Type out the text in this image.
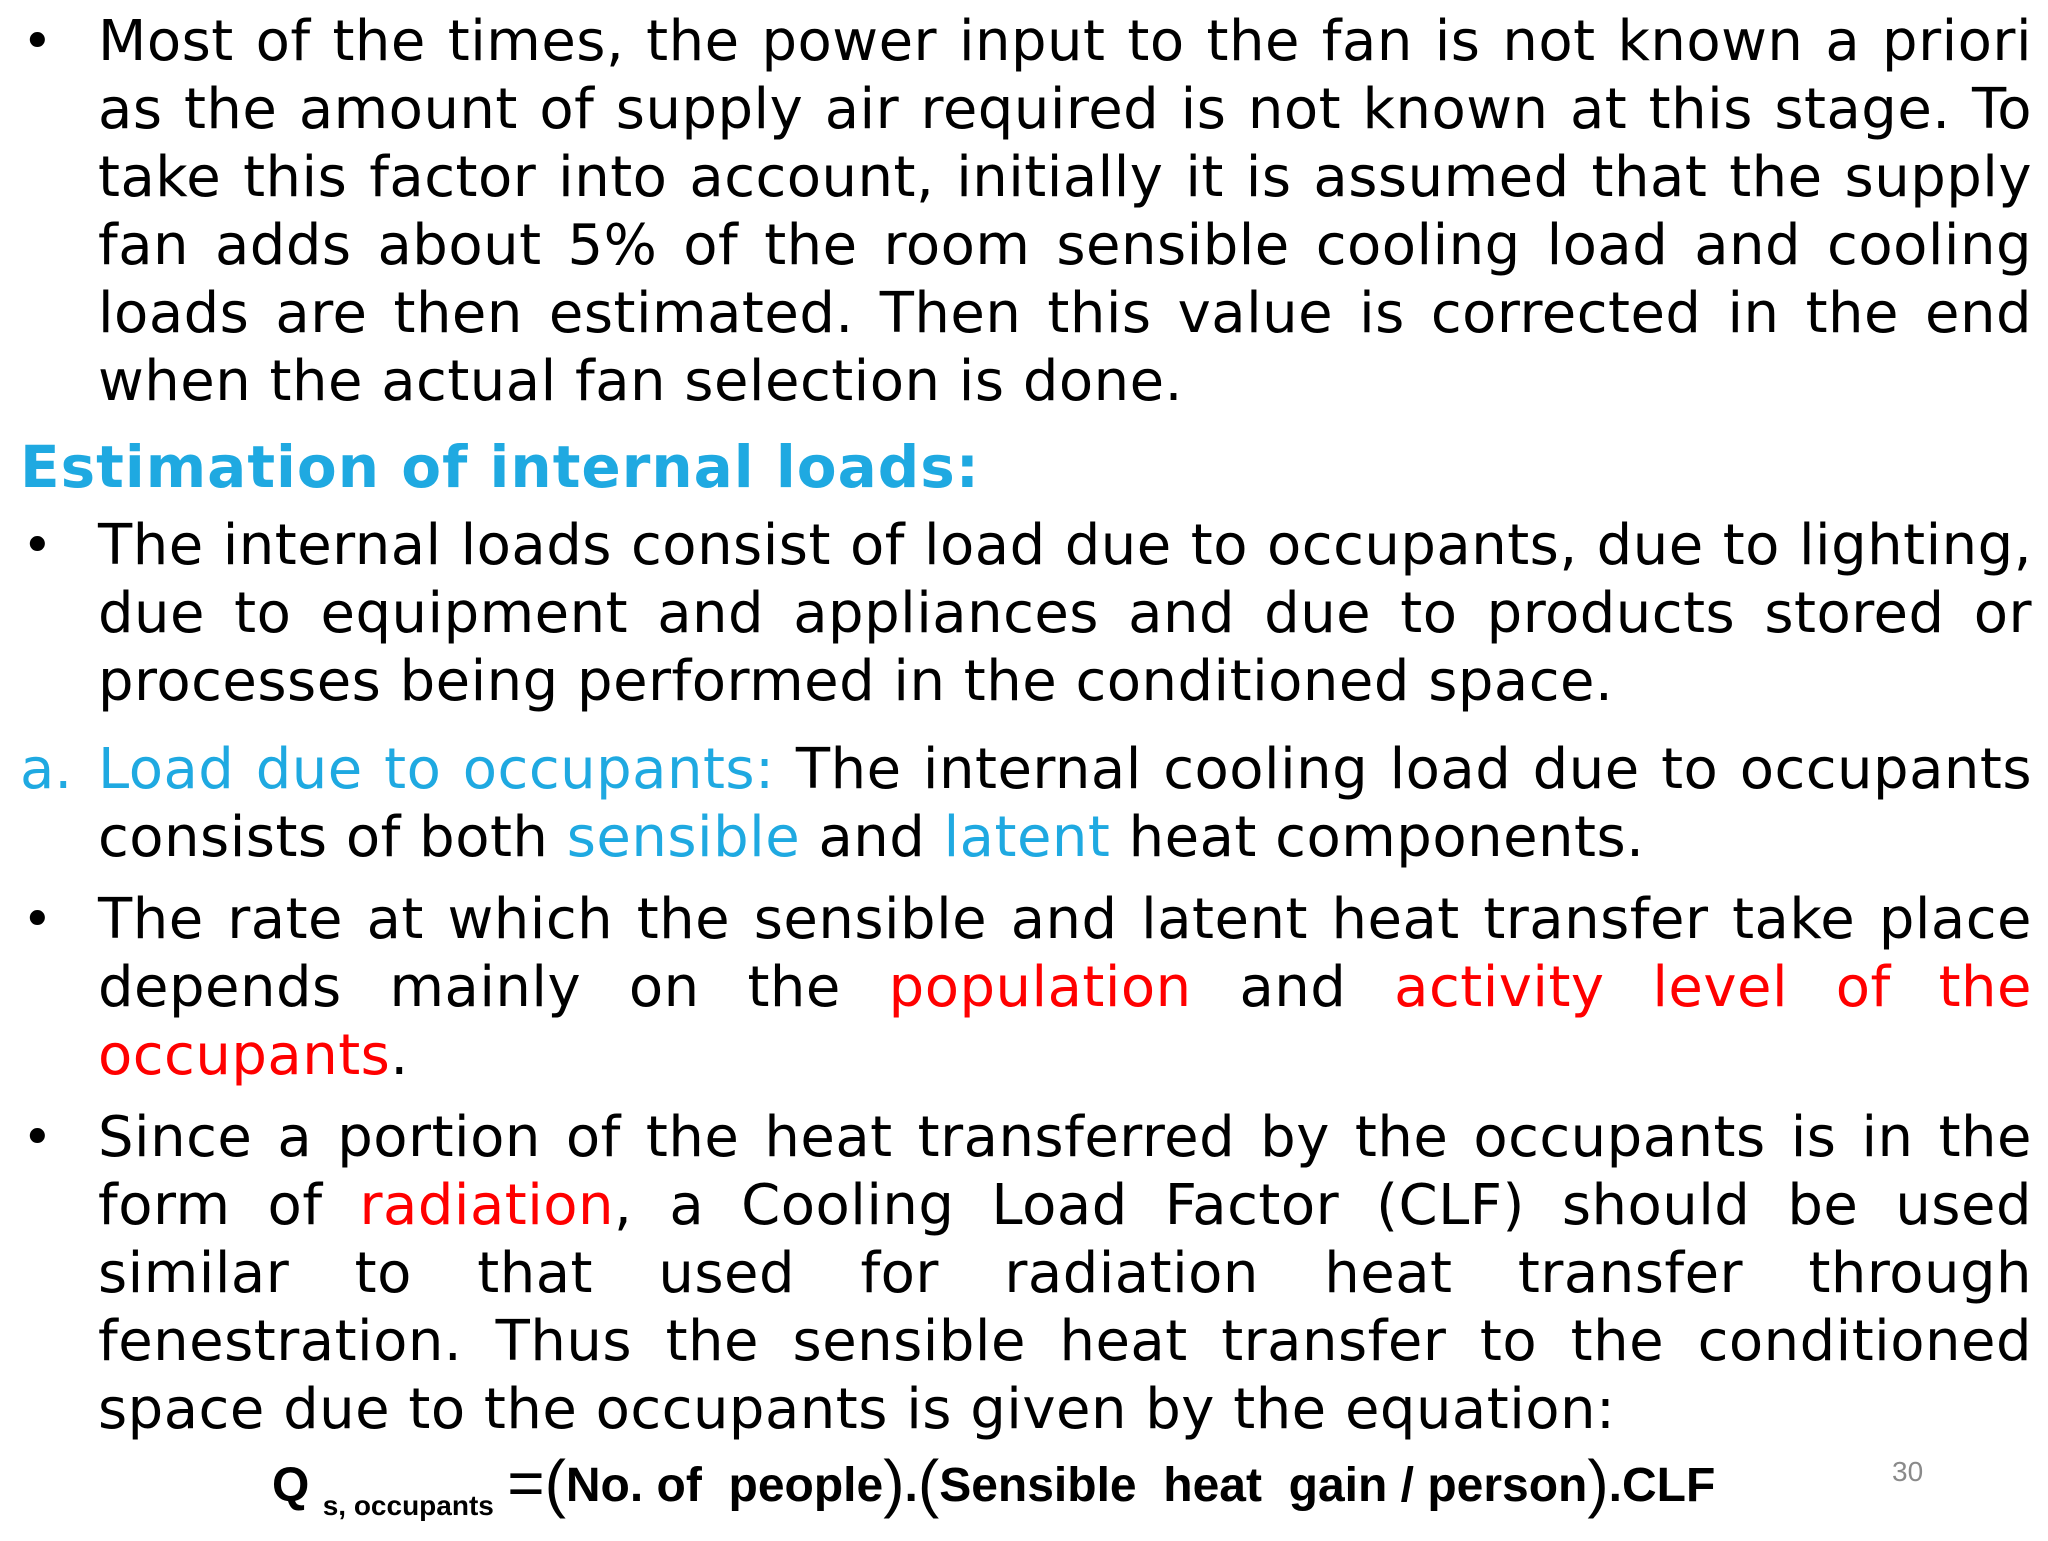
• Most of the times, the power input to the fan is not known a priori as the amount of supply air required is not known at this stage. To take this factor into account, initially it is assumed that the supply fan adds about 5% of the room sensible cooling load and cooling loads are then estimated. Then this value is corrected in the end when the actual fan selection is done.
Estimation of internal loads:
• The internal loads consist of load due to occupants, due to lighting, due to equipment and appliances and due to products stored or processes being performed in the conditioned space.
a. Load due to occupants: The internal cooling load due to occupants consists of both sensible and latent heat components.
• The rate at which the sensible and latent heat transfer take place depends mainly on the population and activity level of the occupants.
• Since a portion of the heat transferred by the occupants is in the form of radiation, a Cooling Load Factor (CLF) should be used similar to that used for radiation heat transfer through fenestration. Thus the sensible heat transfer to the conditioned space due to the occupants is given by the equation:
Q $_{s, occupants}$ =(No. of  people).(Sensible  heat  gain / person).CLF	30
